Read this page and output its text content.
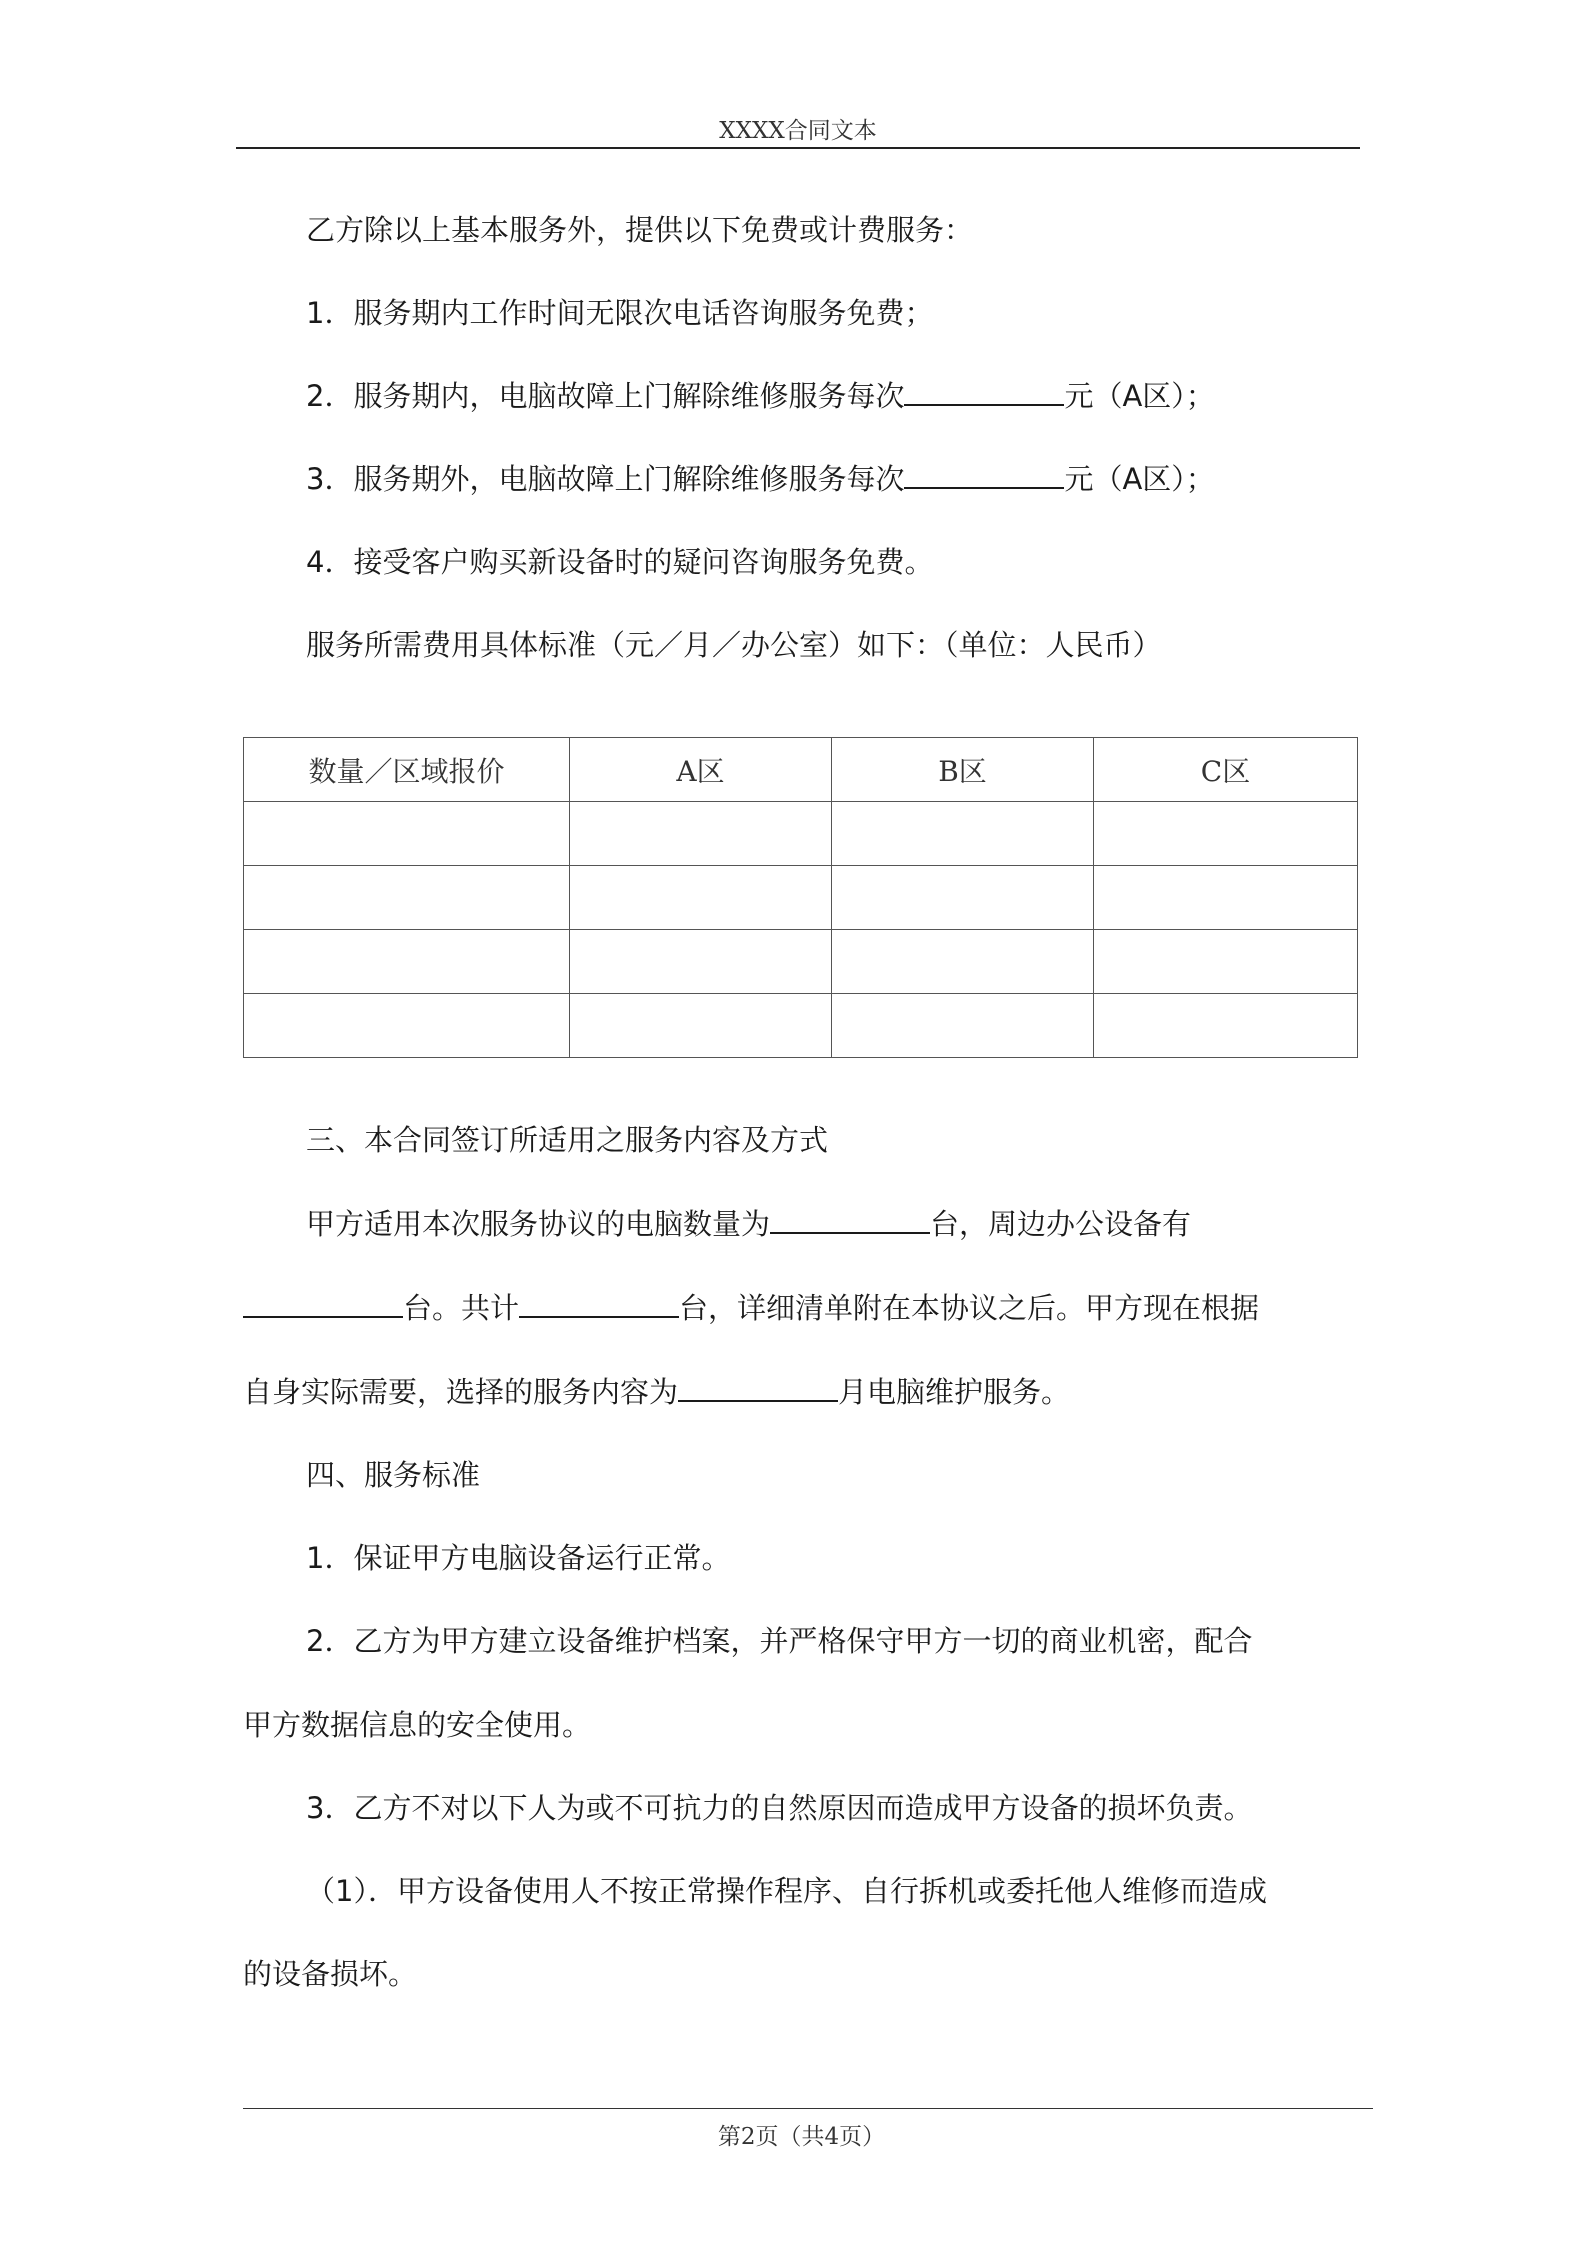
XXXX合同文本
乙方除以上基本服务外，提供以下免费或计费服务：
1．服务期内工作时间无限次电话咨询服务免费；
2．服务期内，电脑故障上门解除维修服务每次	元（A区）；
3．服务期外，电脑故障上门解除维修服务每次	元（A区）；
4．接受客户购买新设备时的疑问咨询服务免费。
服务所需费用具体标准（元／月／办公室）如下：（单位：人民币）
数量／区域报价	A区	B区	C区

三、本合同签订所适用之服务内容及方式
甲方适用本次服务协议的电脑数量为	台，周边办公设备有
台。共计	台，详细清单附在本协议之后。甲方现在根据
自身实际需要，选择的服务内容为	月电脑维护服务。
四、服务标准
1．保证甲方电脑设备运行正常。
2．乙方为甲方建立设备维护档案，并严格保守甲方一切的商业机密，配合
甲方数据信息的安全使用。
3．乙方不对以下人为或不可抗力的自然原因而造成甲方设备的损坏负责。
（1）．甲方设备使用人不按正常操作程序、自行拆机或委托他人维修而造成
的设备损坏。
第2页（共4页）
